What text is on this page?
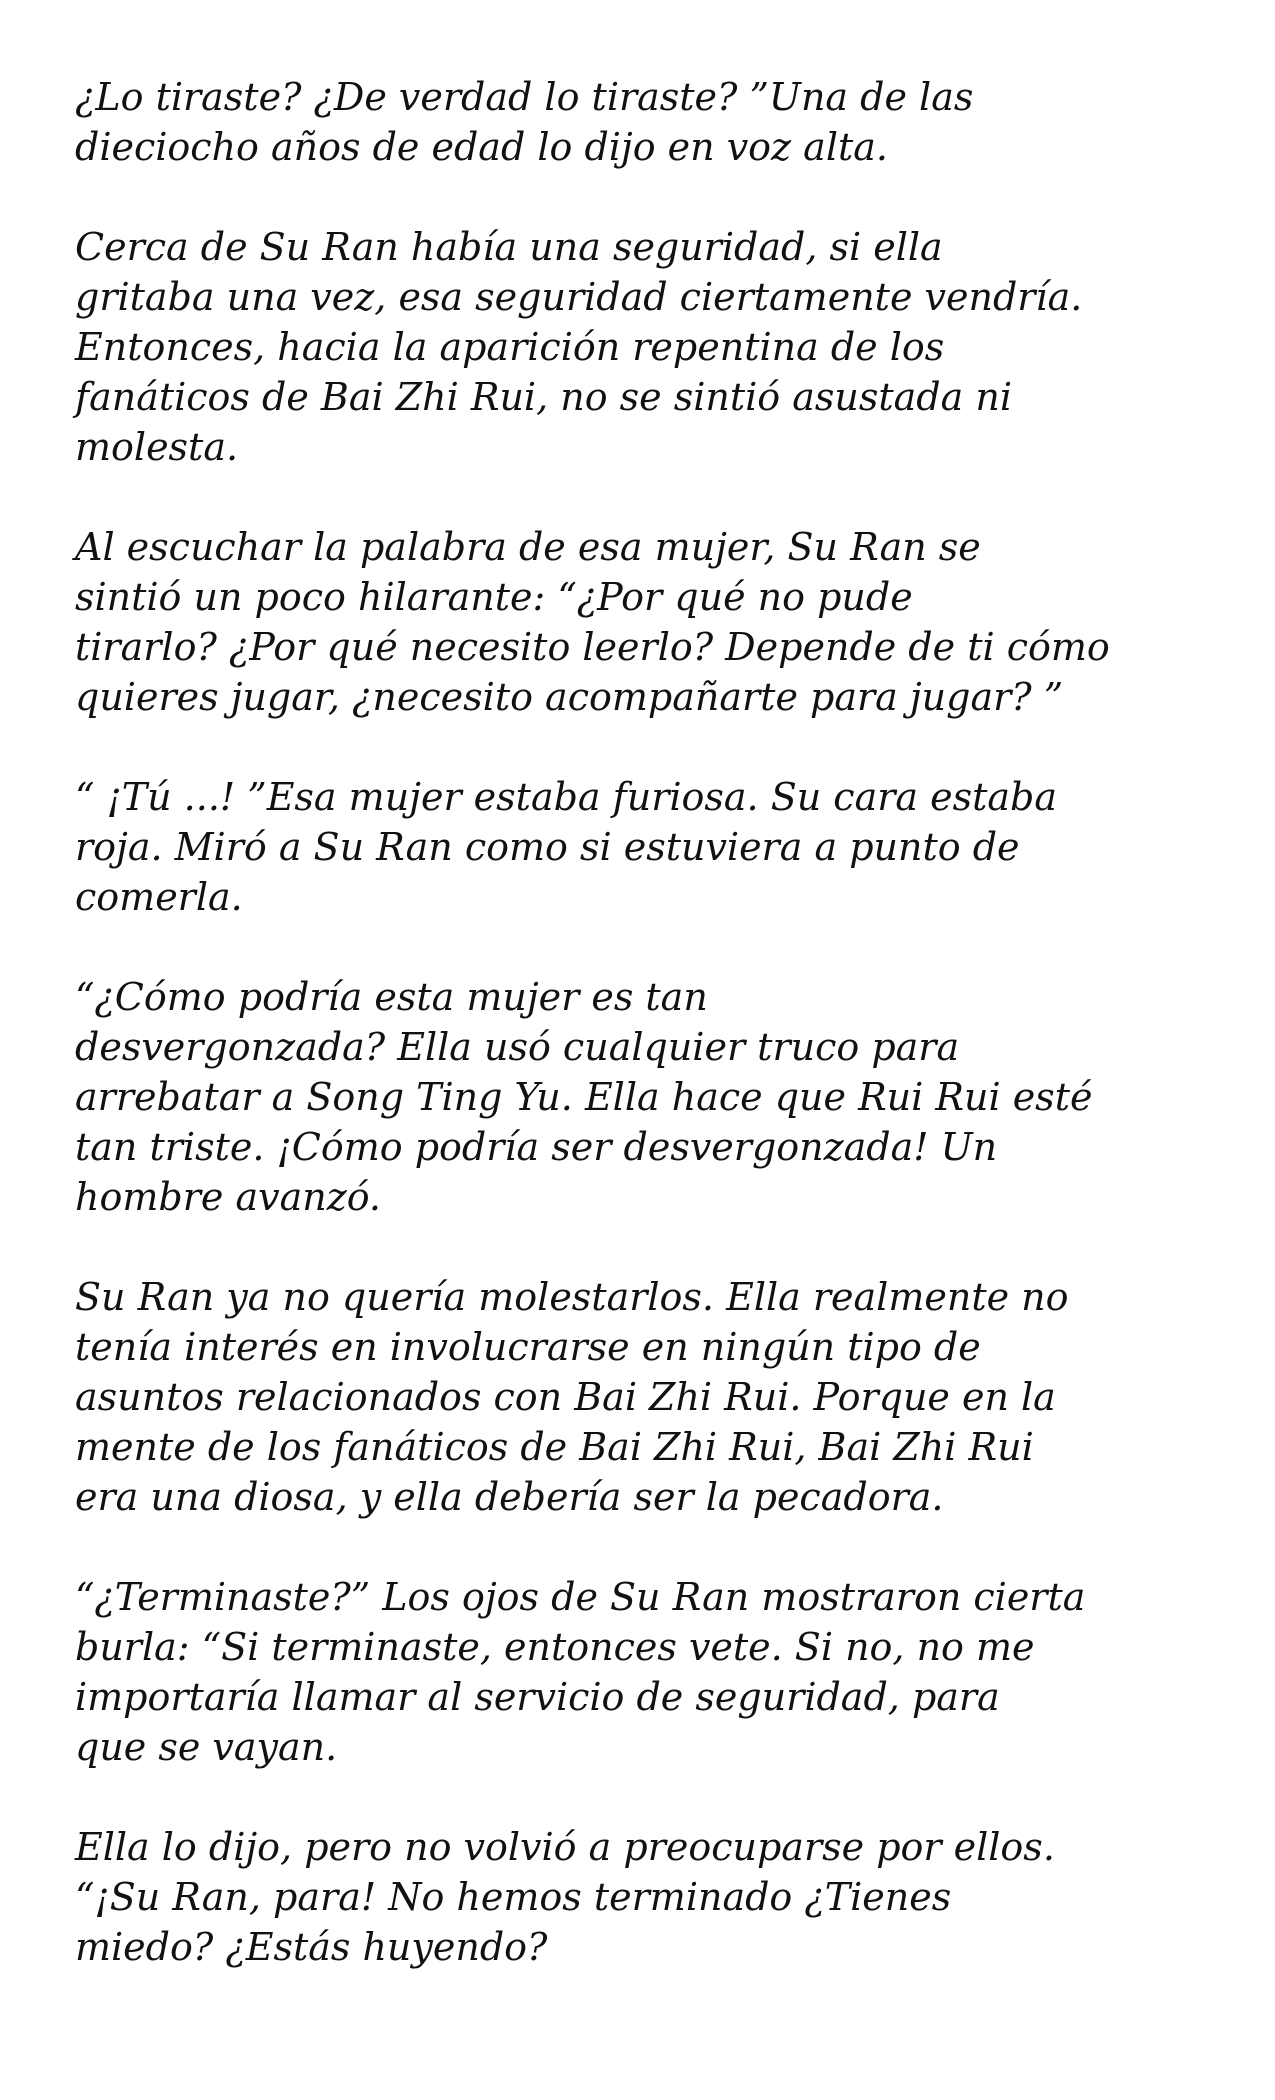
¿Lo tiraste? ¿De verdad lo tiraste? ”Una de las
dieciocho años de edad lo dijo en voz alta.
Cerca de Su Ran había una seguridad, si ella
gritaba una vez, esa seguridad ciertamente vendría.
Entonces, hacia la aparición repentina de los
fanáticos de Bai Zhi Rui, no se sintió asustada ni
molesta.
Al escuchar la palabra de esa mujer, Su Ran se
sintió un poco hilarante: “¿Por qué no pude
tirarlo? ¿Por qué necesito leerlo? Depende de ti cómo
quieres jugar, ¿necesito acompañarte para jugar? ”
“ ¡Tú ...! ”Esa mujer estaba furiosa. Su cara estaba
roja. Miró a Su Ran como si estuviera a punto de
comerla.
“¿Cómo podría esta mujer es tan
desvergonzada? Ella usó cualquier truco para
arrebatar a Song Ting Yu. Ella hace que Rui Rui esté
tan triste. ¡Cómo podría ser desvergonzada! Un
hombre avanzó.
Su Ran ya no quería molestarlos. Ella realmente no
tenía interés en involucrarse en ningún tipo de
asuntos relacionados con Bai Zhi Rui. Porque en la
mente de los fanáticos de Bai Zhi Rui, Bai Zhi Rui
era una diosa, y ella debería ser la pecadora.
“¿Terminaste?” Los ojos de Su Ran mostraron cierta
burla: “Si terminaste, entonces vete. Si no, no me
importaría llamar al servicio de seguridad, para
que se vayan.
Ella lo dijo, pero no volvió a preocuparse por ellos.
“¡Su Ran, para! No hemos terminado ¿Tienes
miedo? ¿Estás huyendo?
